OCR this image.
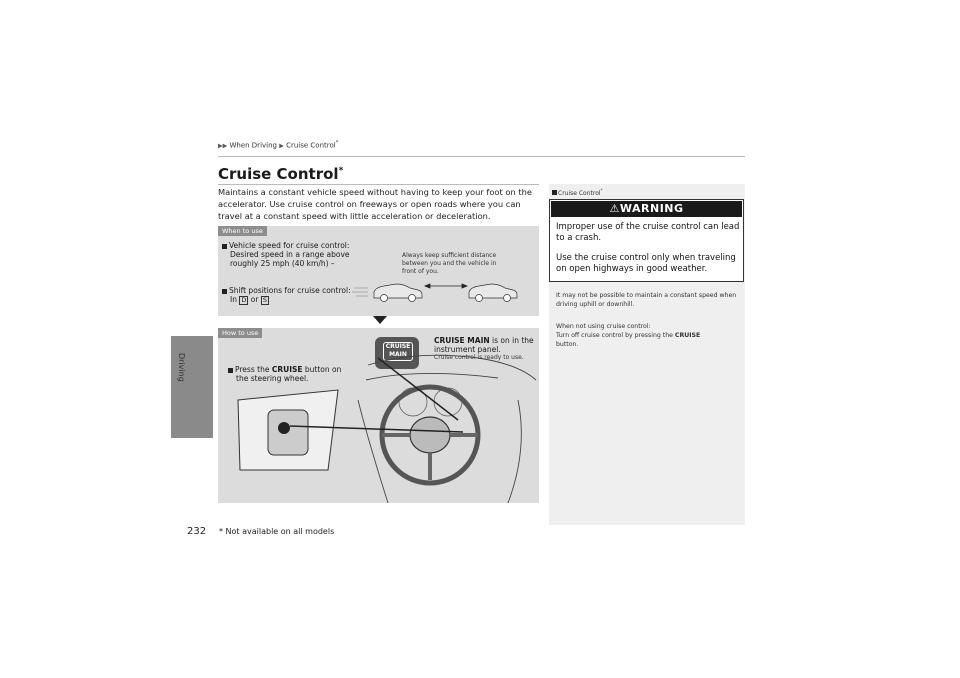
▶▶ When Driving ▶ Cruise Control*
Driving
Cruise Control*
Maintains a constant vehicle speed without having to keep your foot on the accelerator. Use cruise control on freeways or open roads where you can travel at a constant speed with little acceleration or deceleration.
When to use
Vehicle speed for cruise control:
Desired speed in a range above
roughly 25 mph (40 km/h) –
Shift positions for cruise control:
In D or S
Always keep sufficient distance
between you and the vehicle in
front of you.
How to use
Press the CRUISE button on
the steering wheel.
CRUISE MAIN is on in the
instrument panel.
Cruise control is ready to use.
CRUISE
MAIN
Cruise Control*
⚠WARNING
Improper use of the cruise control can lead to a crash.
Use the cruise control only when traveling on open highways in good weather.
It may not be possible to maintain a constant speed when driving uphill or downhill.
When not using cruise control:
Turn off cruise control by pressing the CRUISE
button.
232 * Not available on all models
